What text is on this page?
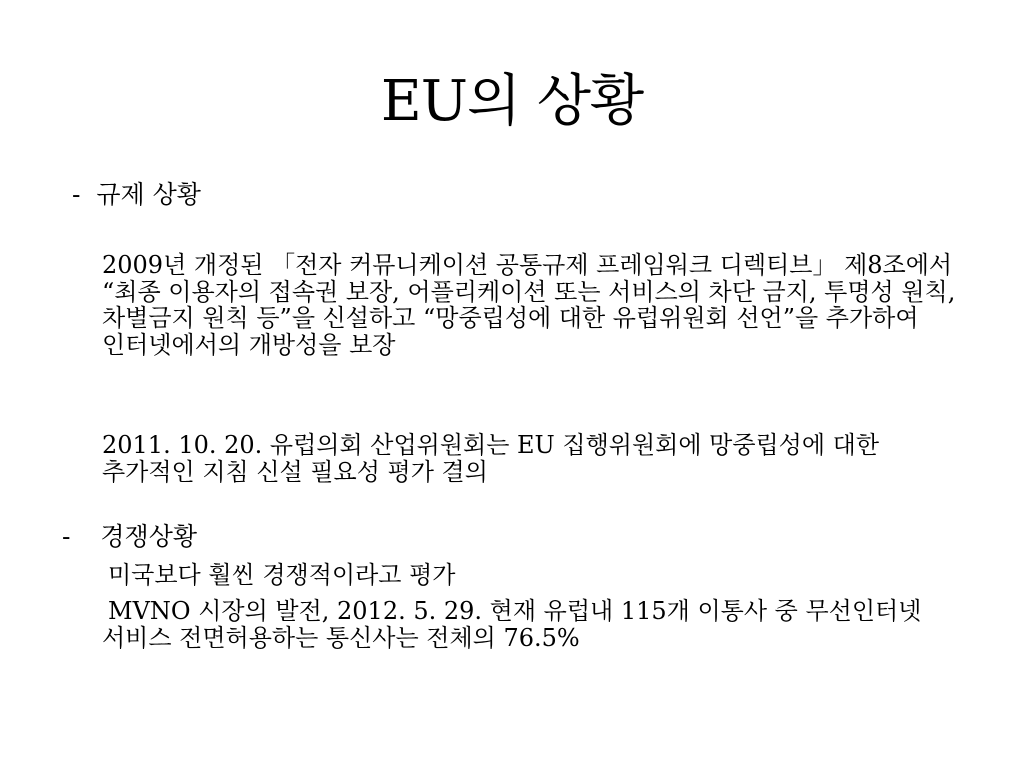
EU의 상황
- 규제 상황
2009년 개정된 「전자 커뮤니케이션 공통규제 프레임워크 디렉티브」 제8조에서 “최종 이용자의 접속권 보장, 어플리케이션 또는 서비스의 차단 금지, 투명성 원칙, 차별금지 원칙 등”을 신설하고 “망중립성에 대한 유럽위원회 선언”을 추가하여 인터넷에서의 개방성을 보장
2011. 10. 20. 유럽의회 산업위원회는 EU 집행위원회에 망중립성에 대한 추가적인 지침 신설 필요성 평가 결의
- 경쟁상황
미국보다 훨씬 경쟁적이라고 평가
MVNO 시장의 발전, 2012. 5. 29. 현재 유럽내 115개 이통사 중 무선인터넷 서비스 전면허용하는 통신사는 전체의 76.5%
